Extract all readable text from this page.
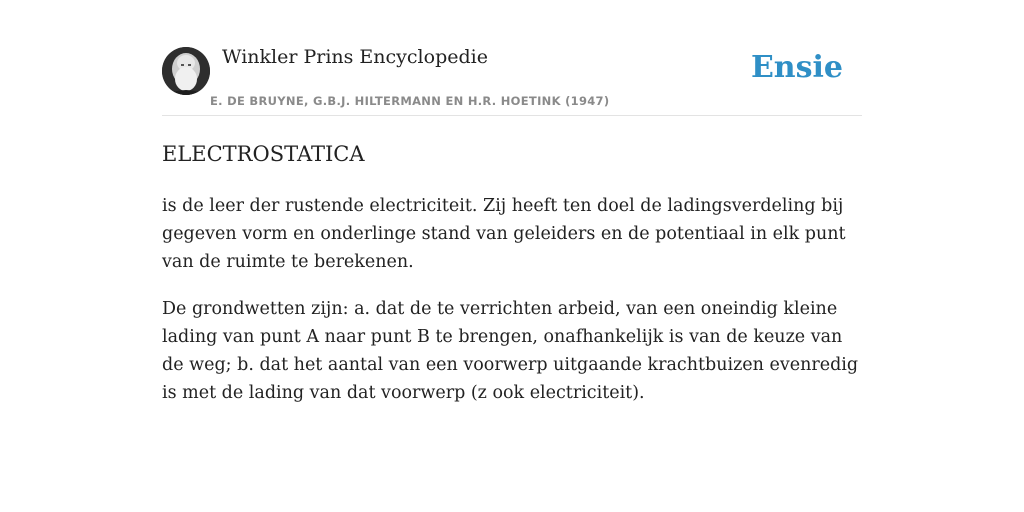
Winkler Prins Encyclopedie
E. DE BRUYNE, G.B.J. HILTERMANN EN H.R. HOETINK (1947)
Ensie
ELECTROSTATICA

is de leer der rustende electriciteit. Zij heeft ten doel de ladingsverdeling bij gegeven vorm en onderlinge stand van geleiders en de potentiaal in elk punt van de ruimte te berekenen.

De grondwetten zijn: a. dat de te verrichten arbeid, van een oneindig kleine lading van punt A naar punt B te brengen, onafhankelijk is van de keuze van de weg; b. dat het aantal van een voorwerp uitgaande krachtbuizen evenredig is met de lading van dat voorwerp (z ook electriciteit).
